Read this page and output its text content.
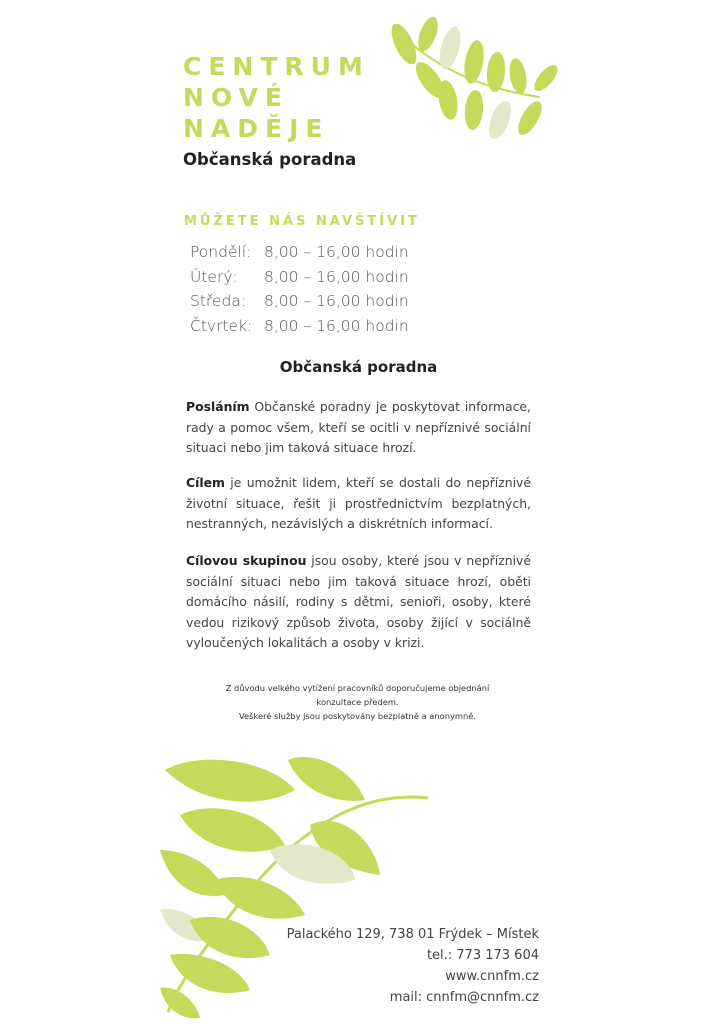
CENTRUM
NOVÉ
NADĚJE
Občanská poradna
MŮŽETE NÁS NAVŠTÍVIT
Pondělí: 8,00 – 16,00 hodin
Úterý:	8,00 – 16,00 hodin
Středa:	8,00 – 16,00 hodin
Čtvrtek: 8,00 – 16,00 hodin
Občanská poradna
Posláním Občanské poradny je poskytovat informace, rady a pomoc všem, kteří se ocitli v nepříznivé sociální situaci nebo jim taková situace hrozí.
Cílem je umožnit lidem, kteří se dostali do nepříznivé životní situace, řešit ji prostřednictvím bezplatných, nestranných, nezávislých a diskrétních informací.
Cílovou skupinou jsou osoby, které jsou v nepříznivé sociální situaci nebo jim taková situace hrozí, oběti domácího násilí, rodiny s dětmi, senioři, osoby, které vedou rizikový způsob života, osoby žijící v sociálně vyloučených lokalitách a osoby v krizi.
Z důvodu velkého vytížení pracovníků doporučujeme objednání
konzultace předem.
Veškeré služby jsou poskytovány bezplatně a anonymně.
Palackého 129, 738 01 Frýdek – Místek
tel.: 773 173 604
www.cnnfm.cz
mail: cnnfm@cnnfm.cz
